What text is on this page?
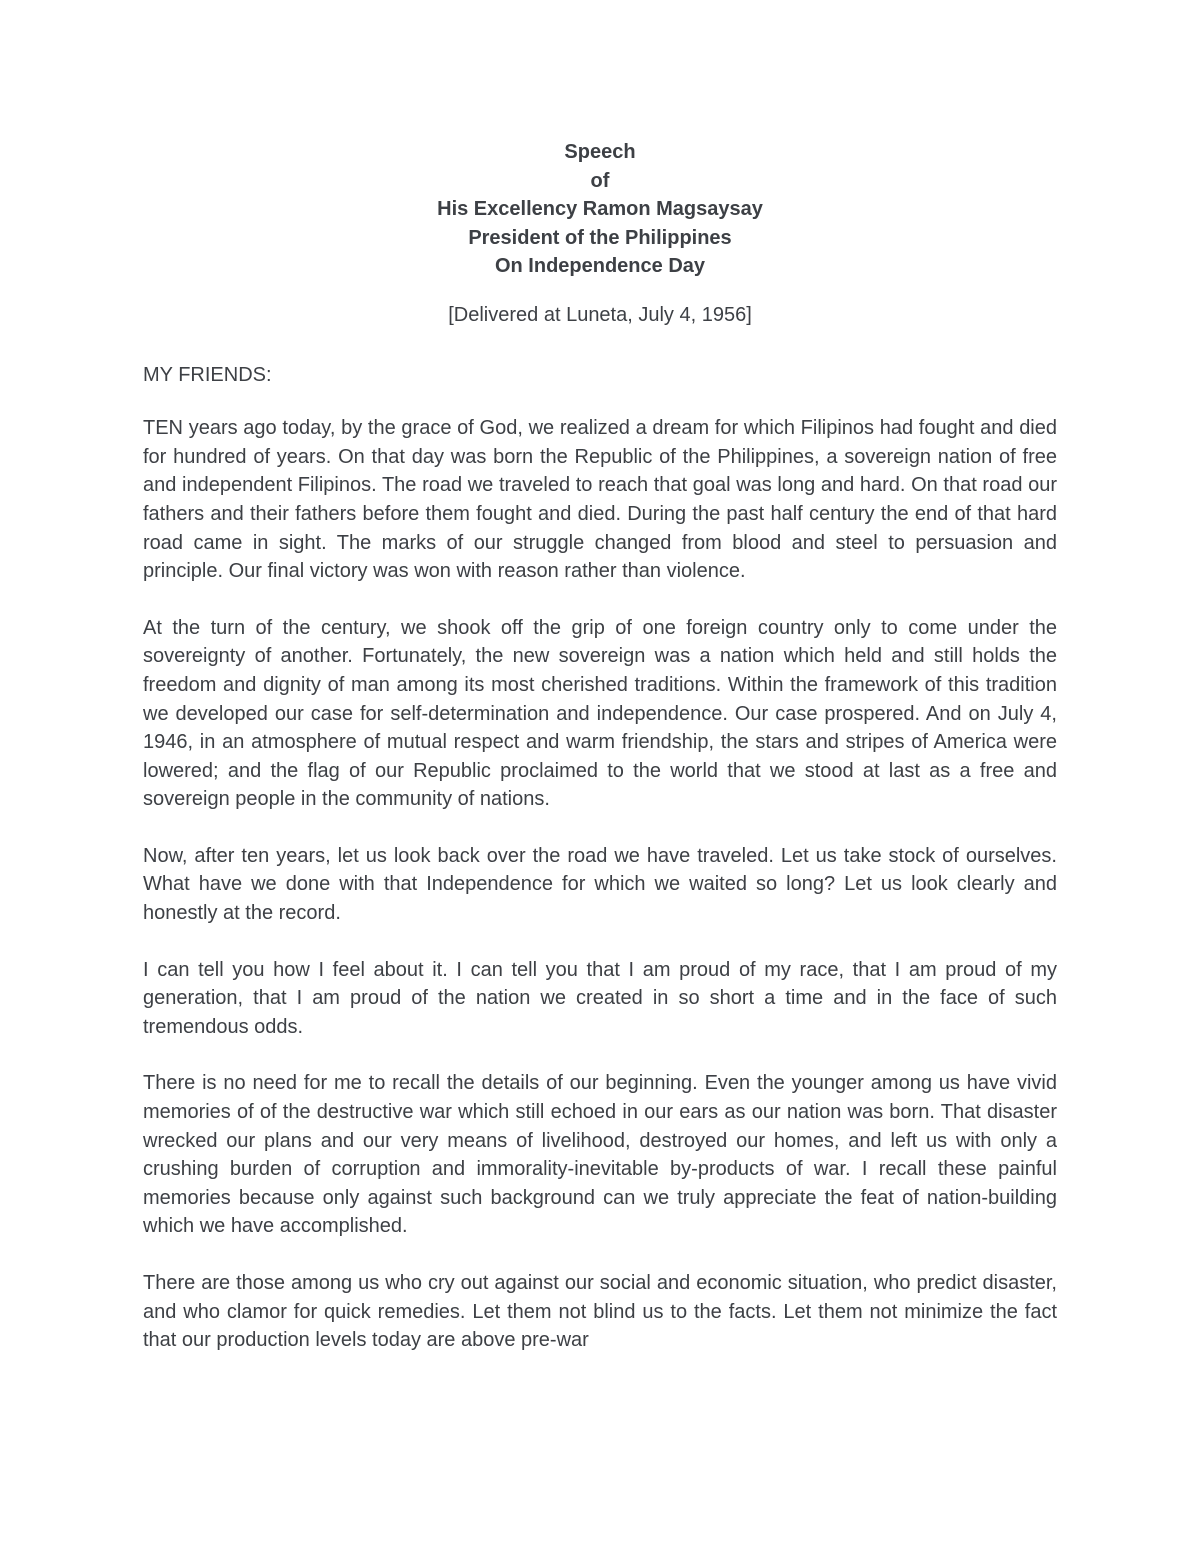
Speech
of
His Excellency Ramon Magsaysay
President of the Philippines
On Independence Day

[Delivered at Luneta, July 4, 1956]

MY FRIENDS:

TEN years ago today, by the grace of God, we realized a dream for which Filipinos had fought and died for hundred of years. On that day was born the Republic of the Philippines, a sovereign nation of free and independent Filipinos. The road we traveled to reach that goal was long and hard. On that road our fathers and their fathers before them fought and died. During the past half century the end of that hard road came in sight. The marks of our struggle changed from blood and steel to persuasion and principle. Our final victory was won with reason rather than violence.

At the turn of the century, we shook off the grip of one foreign country only to come under the sovereignty of another. Fortunately, the new sovereign was a nation which held and still holds the freedom and dignity of man among its most cherished traditions. Within the framework of this tradition we developed our case for self-determination and independence. Our case prospered. And on July 4, 1946, in an atmosphere of mutual respect and warm friendship, the stars and stripes of America were lowered; and the flag of our Republic proclaimed to the world that we stood at last as a free and sovereign people in the community of nations.

Now, after ten years, let us look back over the road we have traveled. Let us take stock of ourselves. What have we done with that Independence for which we waited so long? Let us look clearly and honestly at the record.

I can tell you how I feel about it. I can tell you that I am proud of my race, that I am proud of my generation, that I am proud of the nation we created in so short a time and in the face of such tremendous odds.

There is no need for me to recall the details of our beginning. Even the younger among us have vivid memories of of the destructive war which still echoed in our ears as our nation was born. That disaster wrecked our plans and our very means of livelihood, destroyed our homes, and left us with only a crushing burden of corruption and immorality-inevitable by-products of war. I recall these painful memories because only against such background can we truly appreciate the feat of nation-building which we have accomplished.

There are those among us who cry out against our social and economic situation, who predict disaster, and who clamor for quick remedies. Let them not blind us to the facts. Let them not minimize the fact that our production levels today are above pre-war
